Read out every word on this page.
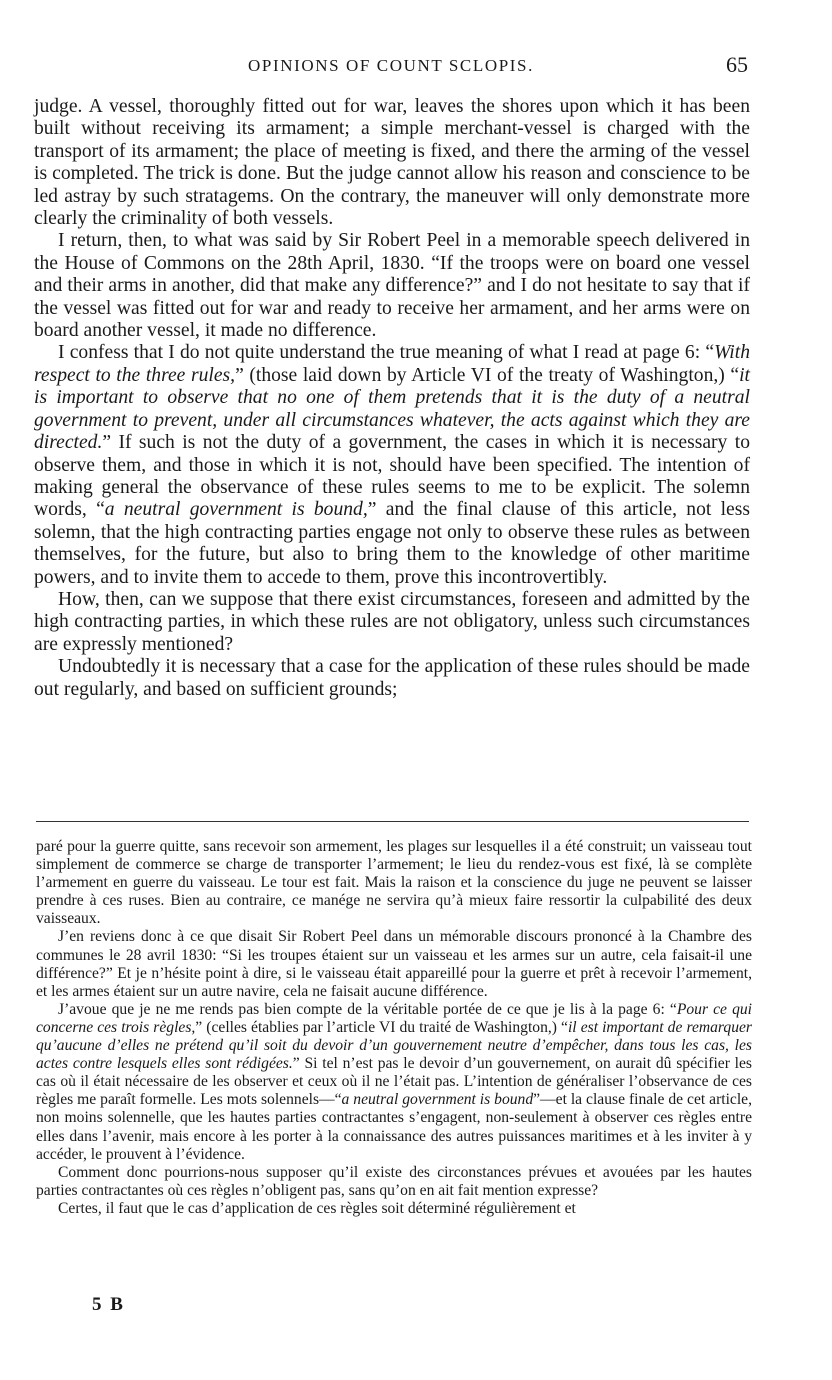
OPINIONS OF COUNT SCLOPIS.	65

judge. A vessel, thoroughly fitted out for war, leaves the shores upon which it has been built without receiving its armament; a simple merchant-vessel is charged with the transport of its armament; the place of meeting is fixed, and there the arming of the vessel is completed. The trick is done. But the judge cannot allow his reason and conscience to be led astray by such stratagems. On the contrary, the maneuver will only demonstrate more clearly the criminality of both vessels.

I return, then, to what was said by Sir Robert Peel in a memorable speech delivered in the House of Commons on the 28th April, 1830. “If the troops were on board one vessel and their arms in another, did that make any difference?” and I do not hesitate to say that if the vessel was fitted out for war and ready to receive her armament, and her arms were on board another vessel, it made no difference.

I confess that I do not quite understand the true meaning of what I read at page 6: “With respect to the three rules,” (those laid down by Article VI of the treaty of Washington,) “it is important to observe that no one of them pretends that it is the duty of a neutral government to prevent, under all circumstances whatever, the acts against which they are directed.” If such is not the duty of a government, the cases in which it is necessary to observe them, and those in which it is not, should have been specified. The intention of making general the observance of these rules seems to me to be explicit. The solemn words, “a neutral government is bound,” and the final clause of this article, not less solemn, that the high contracting parties engage not only to observe these rules as between themselves, for the future, but also to bring them to the knowledge of other maritime powers, and to invite them to accede to them, prove this incontrovertibly.

How, then, can we suppose that there exist circumstances, foreseen and admitted by the high contracting parties, in which these rules are not obligatory, unless such circumstances are expressly mentioned?

Undoubtedly it is necessary that a case for the application of these rules should be made out regularly, and based on sufficient grounds;

paré pour la guerre quitte, sans recevoir son armement, les plages sur lesquelles il a été construit; un vaisseau tout simplement de commerce se charge de transporter l’armement; le lieu du rendez-vous est fixé, là se complète l’armement en guerre du vaisseau. Le tour est fait. Mais la raison et la conscience du juge ne peuvent se laisser prendre à ces ruses. Bien au contraire, ce manége ne servira qu’à mieux faire ressortir la culpabilité des deux vaisseaux.

J’en reviens donc à ce que disait Sir Robert Peel dans un mémorable discours prononcé à la Chambre des communes le 28 avril 1830: “Si les troupes étaient sur un vaisseau et les armes sur un autre, cela faisait-il une différence?” Et je n’hésite point à dire, si le vaisseau était appareillé pour la guerre et prêt à recevoir l’armement, et les armes étaient sur un autre navire, cela ne faisait aucune différence.

J’avoue que je ne me rends pas bien compte de la véritable portée de ce que je lis à la page 6: “Pour ce qui concerne ces trois règles,” (celles établies par l’article VI du traité de Washington,) “il est important de remarquer qu’aucune d’elles ne prétend qu’il soit du devoir d’un gouvernement neutre d’empêcher, dans tous les cas, les actes contre lesquels elles sont rédigées.” Si tel n’est pas le devoir d’un gouvernement, on aurait dû spécifier les cas où il était nécessaire de les observer et ceux où il ne l’était pas. L’intention de généraliser l’observance de ces règles me paraît formelle. Les mots solennels—“a neutral government is bound”—et la clause finale de cet article, non moins solennelle, que les hautes parties contractantes s’engagent, non-seulement à observer ces règles entre elles dans l’avenir, mais encore à les porter à la connaissance des autres puissances maritimes et à les inviter à y accéder, le prouvent à l’évidence.

Comment donc pourrions-nous supposer qu’il existe des circonstances prévues et avouées par les hautes parties contractantes où ces règles n’obligent pas, sans qu’on en ait fait mention expresse?

Certes, il faut que le cas d’application de ces règles soit déterminé régulièrement et

5 B
